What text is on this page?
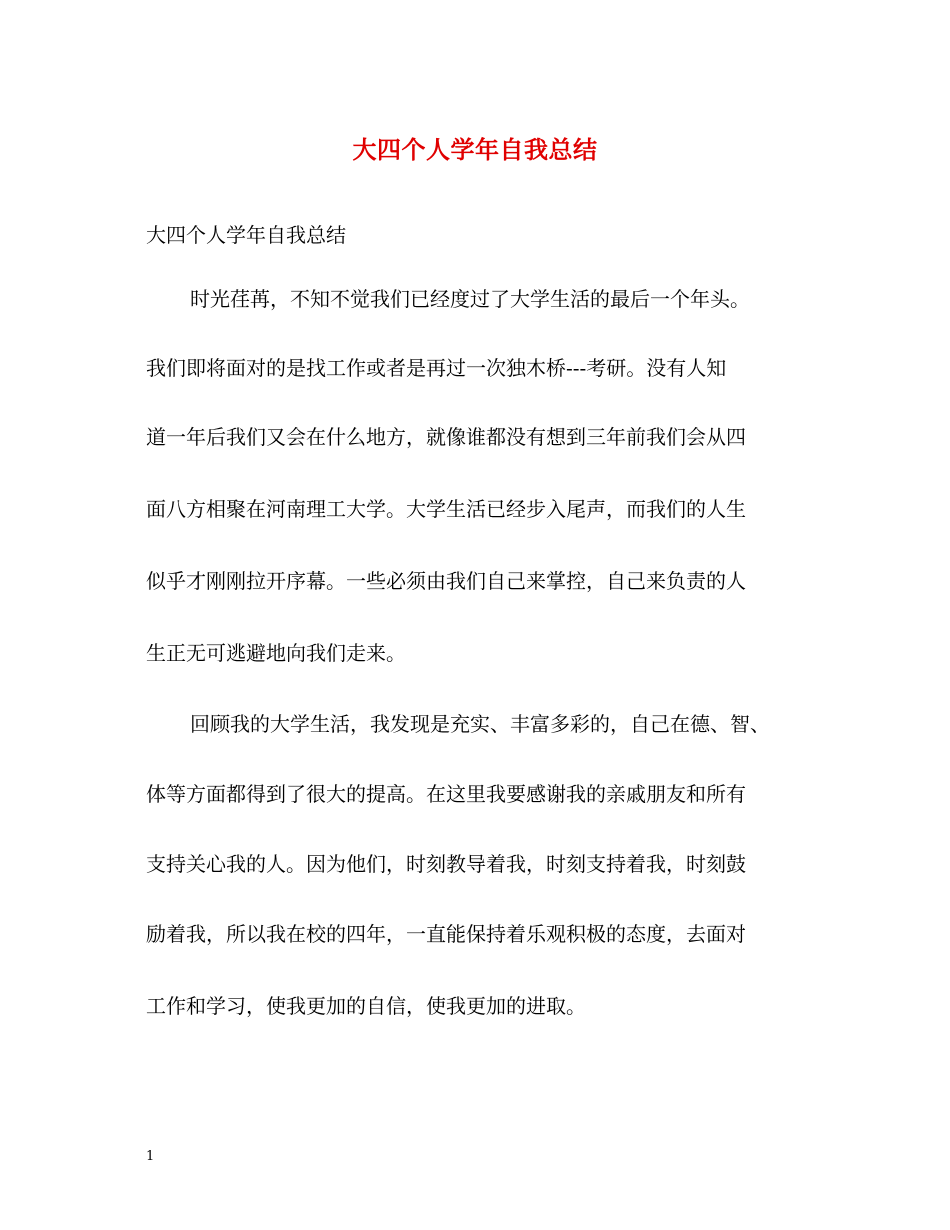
大四个人学年自我总结
大四个人学年自我总结
时光荏苒，不知不觉我们已经度过了大学生活的最后一个年头。
我们即将面对的是找工作或者是再过一次独木桥---考研。没有人知
道一年后我们又会在什么地方，就像谁都没有想到三年前我们会从四
面八方相聚在河南理工大学。大学生活已经步入尾声，而我们的人生
似乎才刚刚拉开序幕。一些必须由我们自己来掌控，自己来负责的人
生正无可逃避地向我们走来。
回顾我的大学生活，我发现是充实、丰富多彩的，自己在德、智、
体等方面都得到了很大的提高。在这里我要感谢我的亲戚朋友和所有
支持关心我的人。因为他们，时刻教导着我，时刻支持着我，时刻鼓
励着我，所以我在校的四年，一直能保持着乐观积极的态度，去面对
工作和学习，使我更加的自信，使我更加的进取。
1
